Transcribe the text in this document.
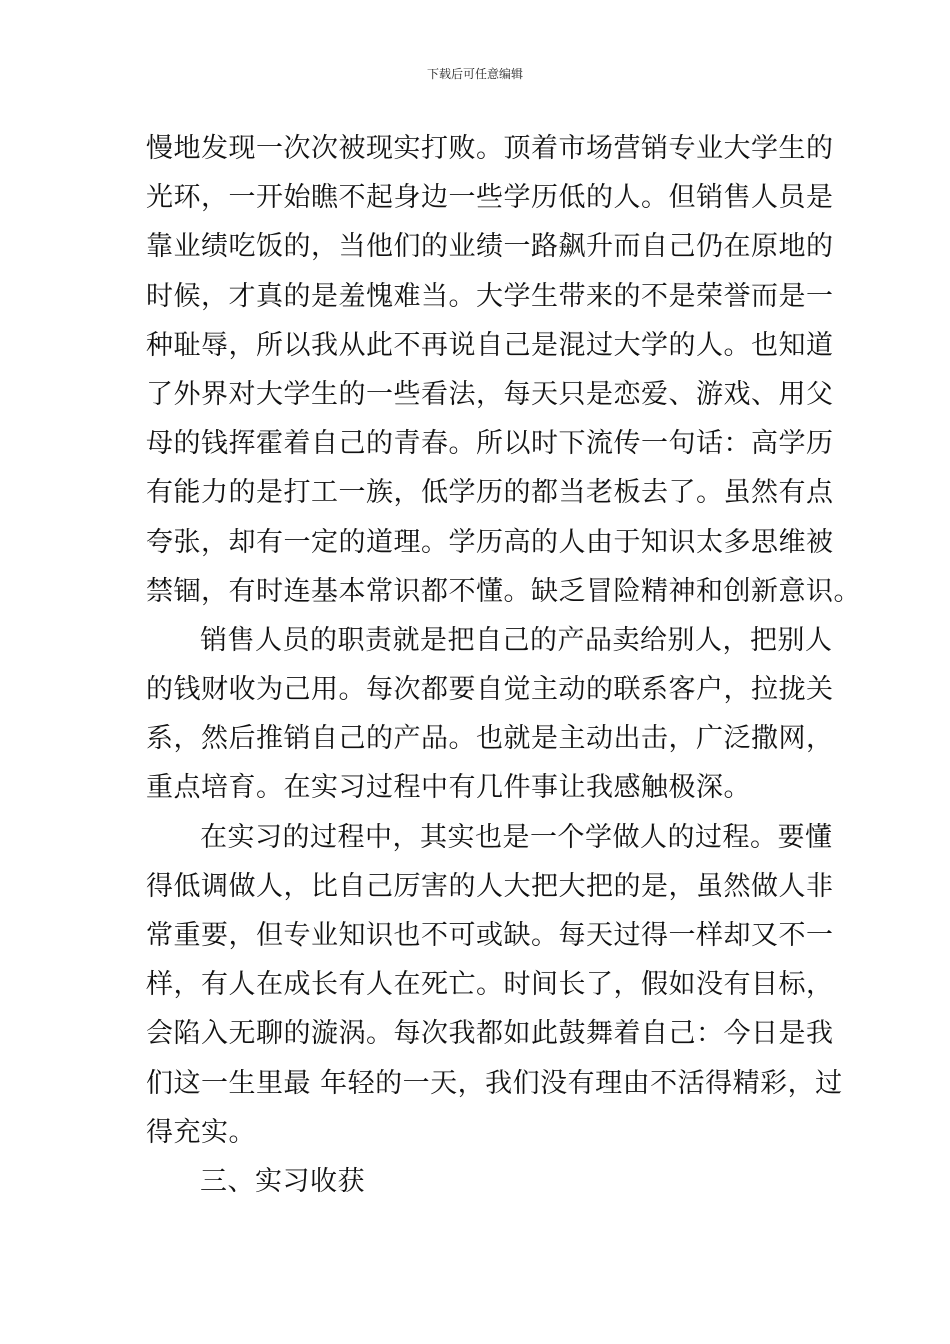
下载后可任意编辑
慢地发现一次次被现实打败。顶着市场营销专业大学生的
光环，一开始瞧不起身边一些学历低的人。但销售人员是
靠业绩吃饭的，当他们的业绩一路飙升而自己仍在原地的
时候，才真的是羞愧难当。大学生带来的不是荣誉而是一
种耻辱，所以我从此不再说自己是混过大学的人。也知道
了外界对大学生的一些看法，每天只是恋爱、游戏、用父
母的钱挥霍着自己的青春。所以时下流传一句话：高学历
有能力的是打工一族，低学历的都当老板去了。虽然有点
夸张，却有一定的道理。学历高的人由于知识太多思维被
禁锢，有时连基本常识都不懂。缺乏冒险精神和创新意识。
销售人员的职责就是把自己的产品卖给别人，把别人
的钱财收为己用。每次都要自觉主动的联系客户，拉拢关
系，然后推销自己的产品。也就是主动出击，广泛撒网，
重点培育。在实习过程中有几件事让我感触极深。
在实习的过程中，其实也是一个学做人的过程。要懂
得低调做人，比自己厉害的人大把大把的是，虽然做人非
常重要，但专业知识也不可或缺。每天过得一样却又不一
样，有人在成长有人在死亡。时间长了，假如没有目标，
会陷入无聊的漩涡。每次我都如此鼓舞着自己：今日是我
们这一生里最 年轻的一天，我们没有理由不活得精彩，过
得充实。
三、实习收获
